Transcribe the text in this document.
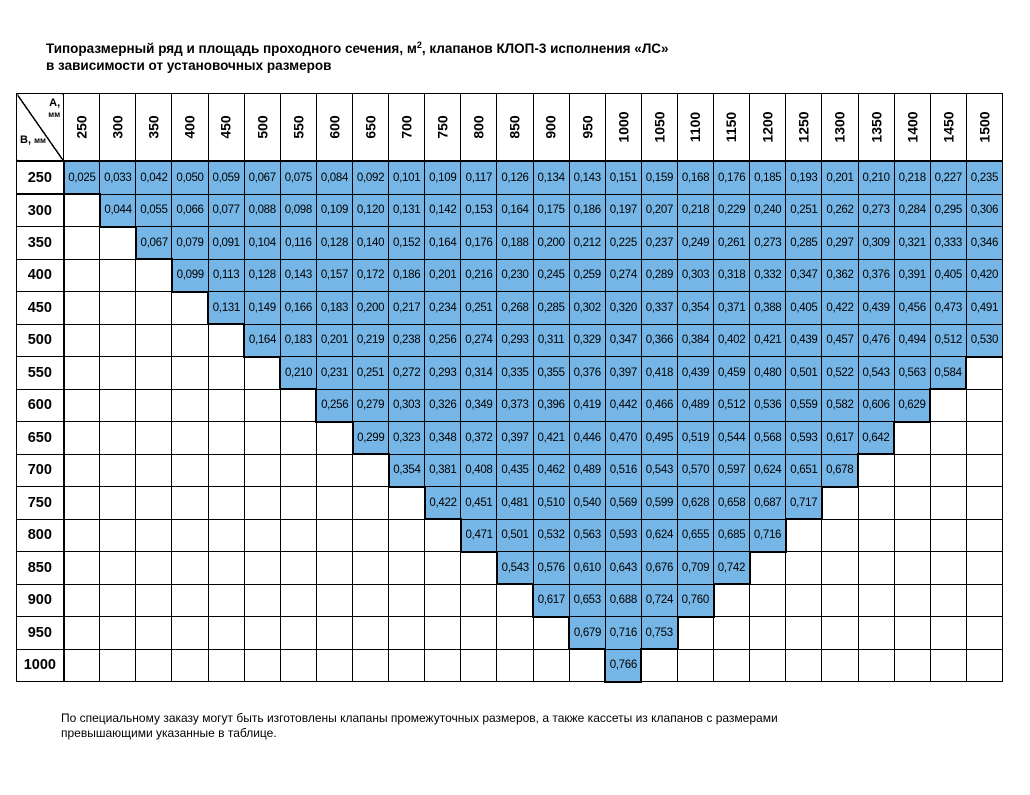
Типоразмерный ряд и площадь проходного сечения, $м^2$, клапанов КЛОП-3 исполнения «ЛС»
в зависимости от установочных размеров
A,
мм
B, мм	250	300	350	400	450	500	550	600	650	700	750	800	850	900	950	1000	1050	1100	1150	1200	1250	1300	1350	1400	1450	1500
250	0,025	0,033	0,042	0,050	0,059	0,067	0,075	0,084	0,092	0,101	0,109	0,117	0,126	0,134	0,143	0,151	0,159	0,168	0,176	0,185	0,193	0,201	0,210	0,218	0,227	0,235
300		0,044	0,055	0,066	0,077	0,088	0,098	0,109	0,120	0,131	0,142	0,153	0,164	0,175	0,186	0,197	0,207	0,218	0,229	0,240	0,251	0,262	0,273	0,284	0,295	0,306
350			0,067	0,079	0,091	0,104	0,116	0,128	0,140	0,152	0,164	0,176	0,188	0,200	0,212	0,225	0,237	0,249	0,261	0,273	0,285	0,297	0,309	0,321	0,333	0,346
400				0,099	0,113	0,128	0,143	0,157	0,172	0,186	0,201	0,216	0,230	0,245	0,259	0,274	0,289	0,303	0,318	0,332	0,347	0,362	0,376	0,391	0,405	0,420
450					0,131	0,149	0,166	0,183	0,200	0,217	0,234	0,251	0,268	0,285	0,302	0,320	0,337	0,354	0,371	0,388	0,405	0,422	0,439	0,456	0,473	0,491
500						0,164	0,183	0,201	0,219	0,238	0,256	0,274	0,293	0,311	0,329	0,347	0,366	0,384	0,402	0,421	0,439	0,457	0,476	0,494	0,512	0,530
550							0,210	0,231	0,251	0,272	0,293	0,314	0,335	0,355	0,376	0,397	0,418	0,439	0,459	0,480	0,501	0,522	0,543	0,563	0,584	
600								0,256	0,279	0,303	0,326	0,349	0,373	0,396	0,419	0,442	0,466	0,489	0,512	0,536	0,559	0,582	0,606	0,629		
650									0,299	0,323	0,348	0,372	0,397	0,421	0,446	0,470	0,495	0,519	0,544	0,568	0,593	0,617	0,642			
700										0,354	0,381	0,408	0,435	0,462	0,489	0,516	0,543	0,570	0,597	0,624	0,651	0,678				
750											0,422	0,451	0,481	0,510	0,540	0,569	0,599	0,628	0,658	0,687	0,717					
800												0,471	0,501	0,532	0,563	0,593	0,624	0,655	0,685	0,716						
850													0,543	0,576	0,610	0,643	0,676	0,709	0,742							
900														0,617	0,653	0,688	0,724	0,760								
950															0,679	0,716	0,753									
1000																0,766										
По специальному заказу могут быть изготовлены клапаны промежуточных размеров, а также кассеты из клапанов с размерами
превышающими указанные в таблице.
